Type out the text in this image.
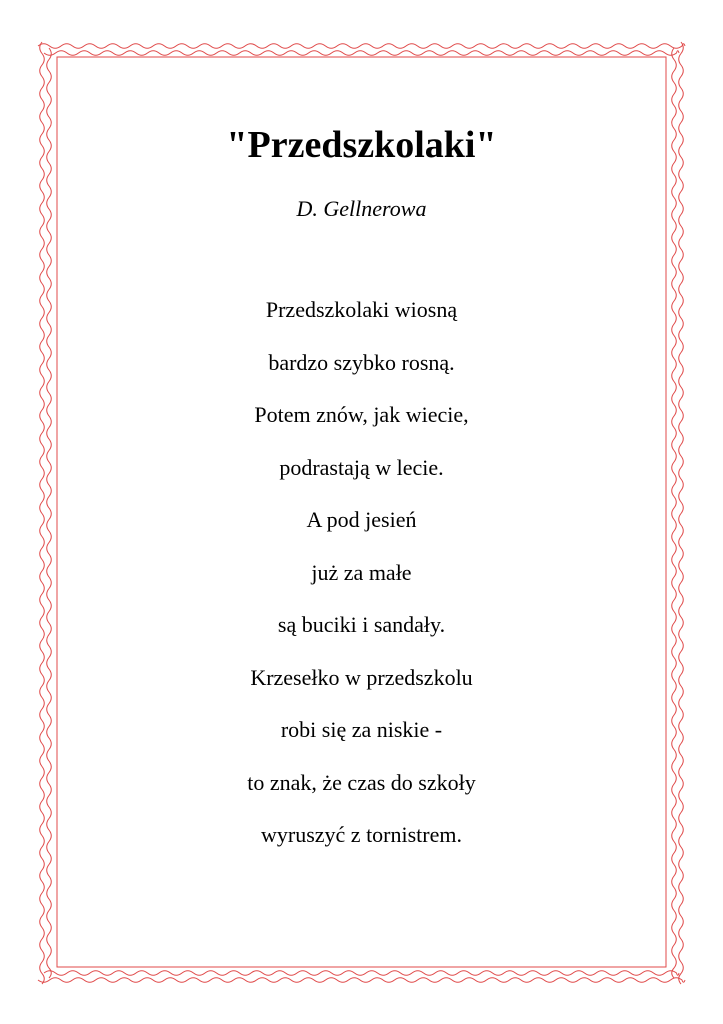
"Przedszkolaki"

D. Gellnerowa

Przedszkolaki wiosną
bardzo szybko rosną.
Potem znów, jak wiecie,
podrastają w lecie.
A pod jesień
już za małe
są buciki i sandały.
Krzesełko w przedszkolu
robi się za niskie -
to znak, że czas do szkoły
wyruszyć z tornistrem.
